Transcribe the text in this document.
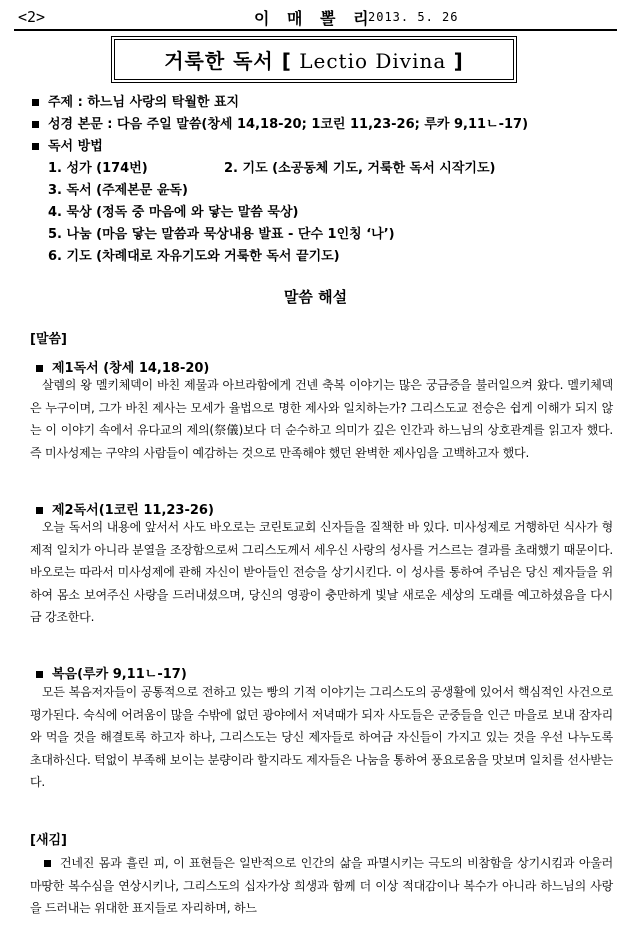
<2>	이 매 뽈 리
2013. 5. 26
거룩한 독서 [ Lectio Divina ]
주제 : 하느님 사랑의 탁월한 표지
성경 본문 : 다음 주일 말씀(창세 14,18-20; 1코린 11,23-26; 루카 9,11ㄴ-17)
독서 방법
1. 성가 (174번)	2. 기도 (소공동체 기도, 거룩한 독서 시작기도)
3. 독서 (주제본문 윤독)
4. 묵상 (정독 중 마음에 와 닿는 말씀 묵상)
5. 나눔 (마음 닿는 말씀과 묵상내용 발표 - 단수 1인칭 ‘나’)
6. 기도 (차례대로 자유기도와 거룩한 독서 끝기도)
말씀 해설
[말씀]
제1독서 (창세 14,18-20)
살렘의 왕 멜키체덱이 바친 제물과 아브라함에게 건넨 축복 이야기는 많은 궁금증을 불러일으켜 왔다. 멜키체덱은 누구이며, 그가 바친 제사는 모세가 율법으로 명한 제사와 일치하는가? 그리스도교 전승은 쉽게 이해가 되지 않는 이 이야기 속에서 유다교의 제의(祭儀)보다 더 순수하고 의미가 깊은 인간과 하느님의 상호관계를 읽고자 했다. 즉 미사성제는 구약의 사람들이 예감하는 것으로 만족해야 했던 완벽한 제사임을 고백하고자 했다.
제2독서(1코린 11,23-26)
오늘 독서의 내용에 앞서서 사도 바오로는 코린토교회 신자들을 질책한 바 있다. 미사성제로 거행하던 식사가 형제적 일치가 아니라 분열을 조장함으로써 그리스도께서 세우신 사랑의 성사를 거스르는 결과를 초래했기 때문이다. 바오로는 따라서 미사성제에 관해 자신이 받아들인 전승을 상기시킨다. 이 성사를 통하여 주님은 당신 제자들을 위하여 몸소 보여주신 사랑을 드러내셨으며, 당신의 영광이 충만하게 빛날 새로운 세상의 도래를 예고하셨음을 다시금 강조한다.
복음(루카 9,11ㄴ-17)
모든 복음저자들이 공통적으로 전하고 있는 빵의 기적 이야기는 그리스도의 공생활에 있어서 핵심적인 사건으로 평가된다. 숙식에 어려움이 많을 수밖에 없던 광야에서 저녁때가 되자 사도들은 군중들을 인근 마을로 보내 잠자리와 먹을 것을 해결토록 하고자 하나, 그리스도는 당신 제자들로 하여금 자신들이 가지고 있는 것을 우선 나누도록 초대하신다. 턱없이 부족해 보이는 분량이라 할지라도 제자들은 나눔을 통하여 풍요로움을 맛보며 일치를 선사받는다.
[새김]
건네진 몸과 흘린 피, 이 표현들은 일반적으로 인간의 삶을 파멸시키는 극도의 비참함을 상기시킴과 아울러 마땅한 복수심을 연상시키나, 그리스도의 십자가상 희생과 함께 더 이상 적대감이나 복수가 아니라 하느님의 사랑을 드러내는 위대한 표지들로 자리하며, 하느
